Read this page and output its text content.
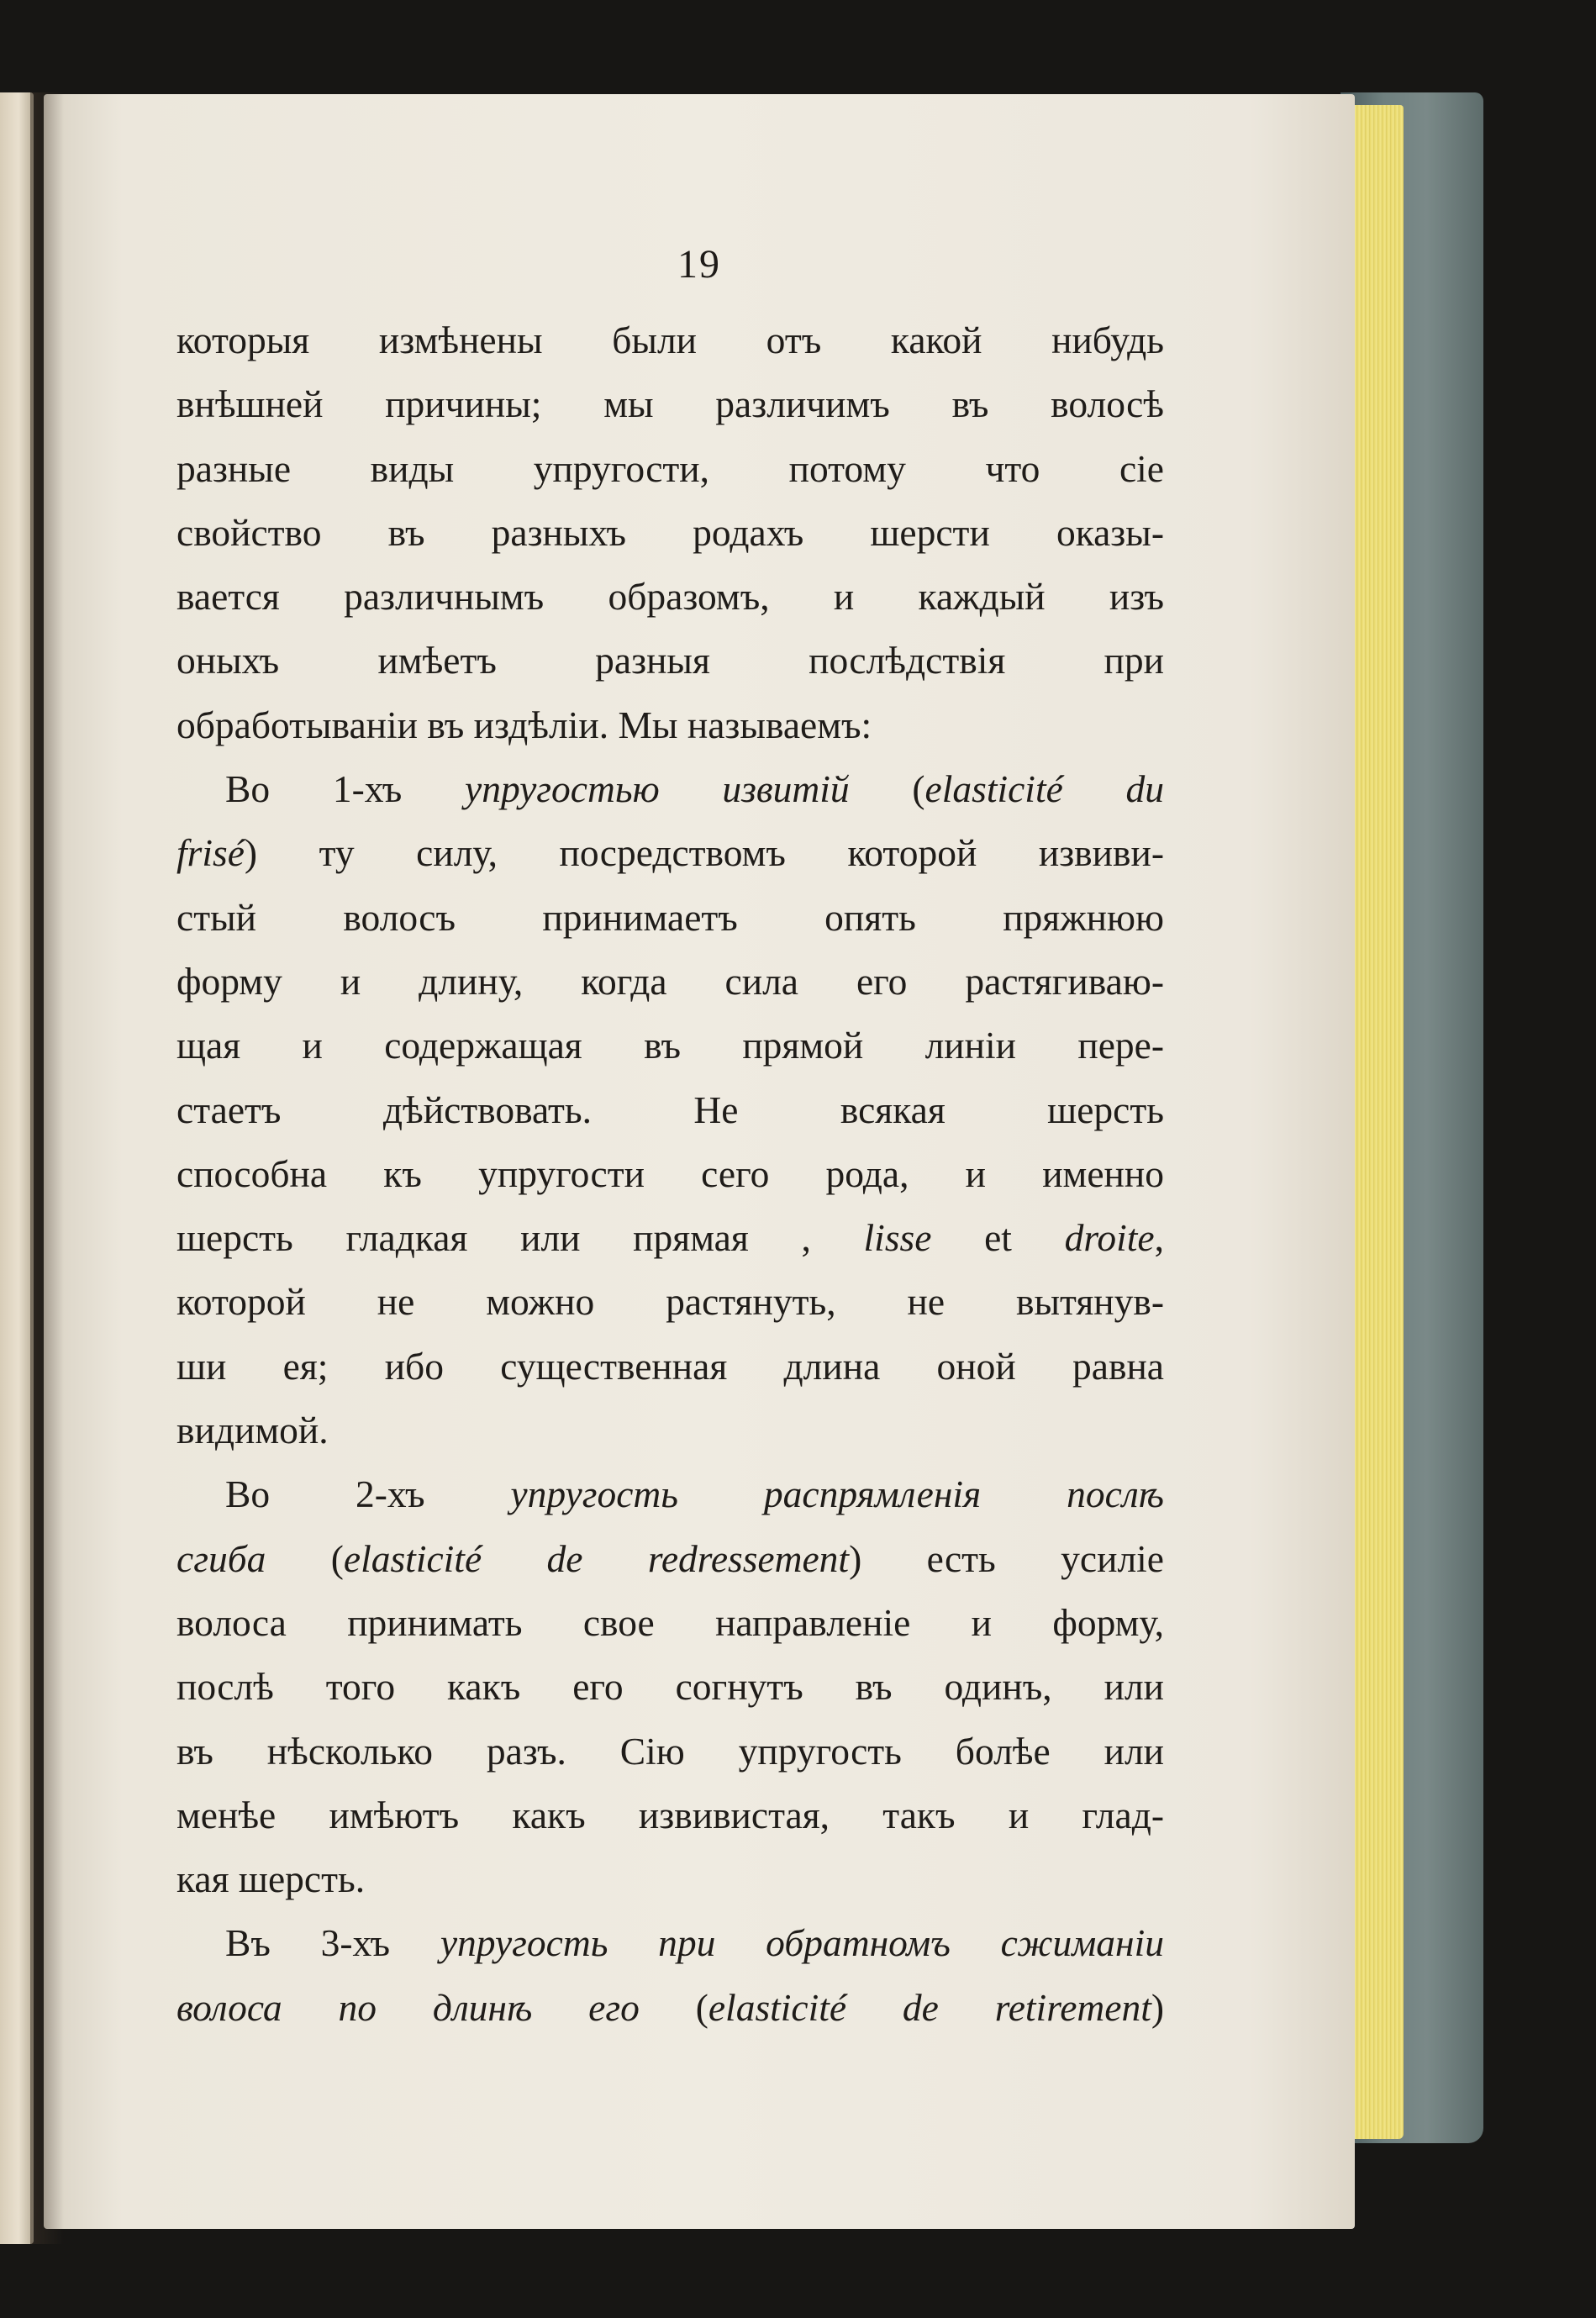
19
которыя измѣнены были отъ какой нибудь
внѣшней причины; мы различимъ въ волосѣ
разные виды упругости, потому что сіе
свойство въ разныхъ родахъ шерсти оказы-
вается различнымъ образомъ, и каждый изъ
оныхъ имѣетъ разныя послѣдствія при
обработываніи въ издѣліи. Мы называемъ:
Во 1-хъ упругостью извитій (elasticité du
frisé) ту силу, посредствомъ которой извиви-
стый волосъ принимаетъ опять пряжнюю
форму и длину, когда сила его растягиваю-
щая и содержащая въ прямой линіи пере-
стаетъ дѣйствовать. Не всякая шерсть
способна къ упругости сего рода, и именно
шерсть гладкая или прямая , lisse et droite,
которой не можно растянуть, не вытянув-
ши ея; ибо существенная длина оной равна
видимой.
Во 2-хъ упругость распрямленія послѣ
сгиба (elasticité de redressement) есть усиліе
волоса принимать свое направленіе и форму,
послѣ того какъ его согнутъ въ одинъ, или
въ нѣсколько разъ. Сію упругость болѣе или
менѣе имѣютъ какъ извивистая, такъ и глад-
кая шерсть.
Въ 3-хъ упругость при обратномъ сжиманіи
волоса по длинѣ его (elasticité de retirement)
